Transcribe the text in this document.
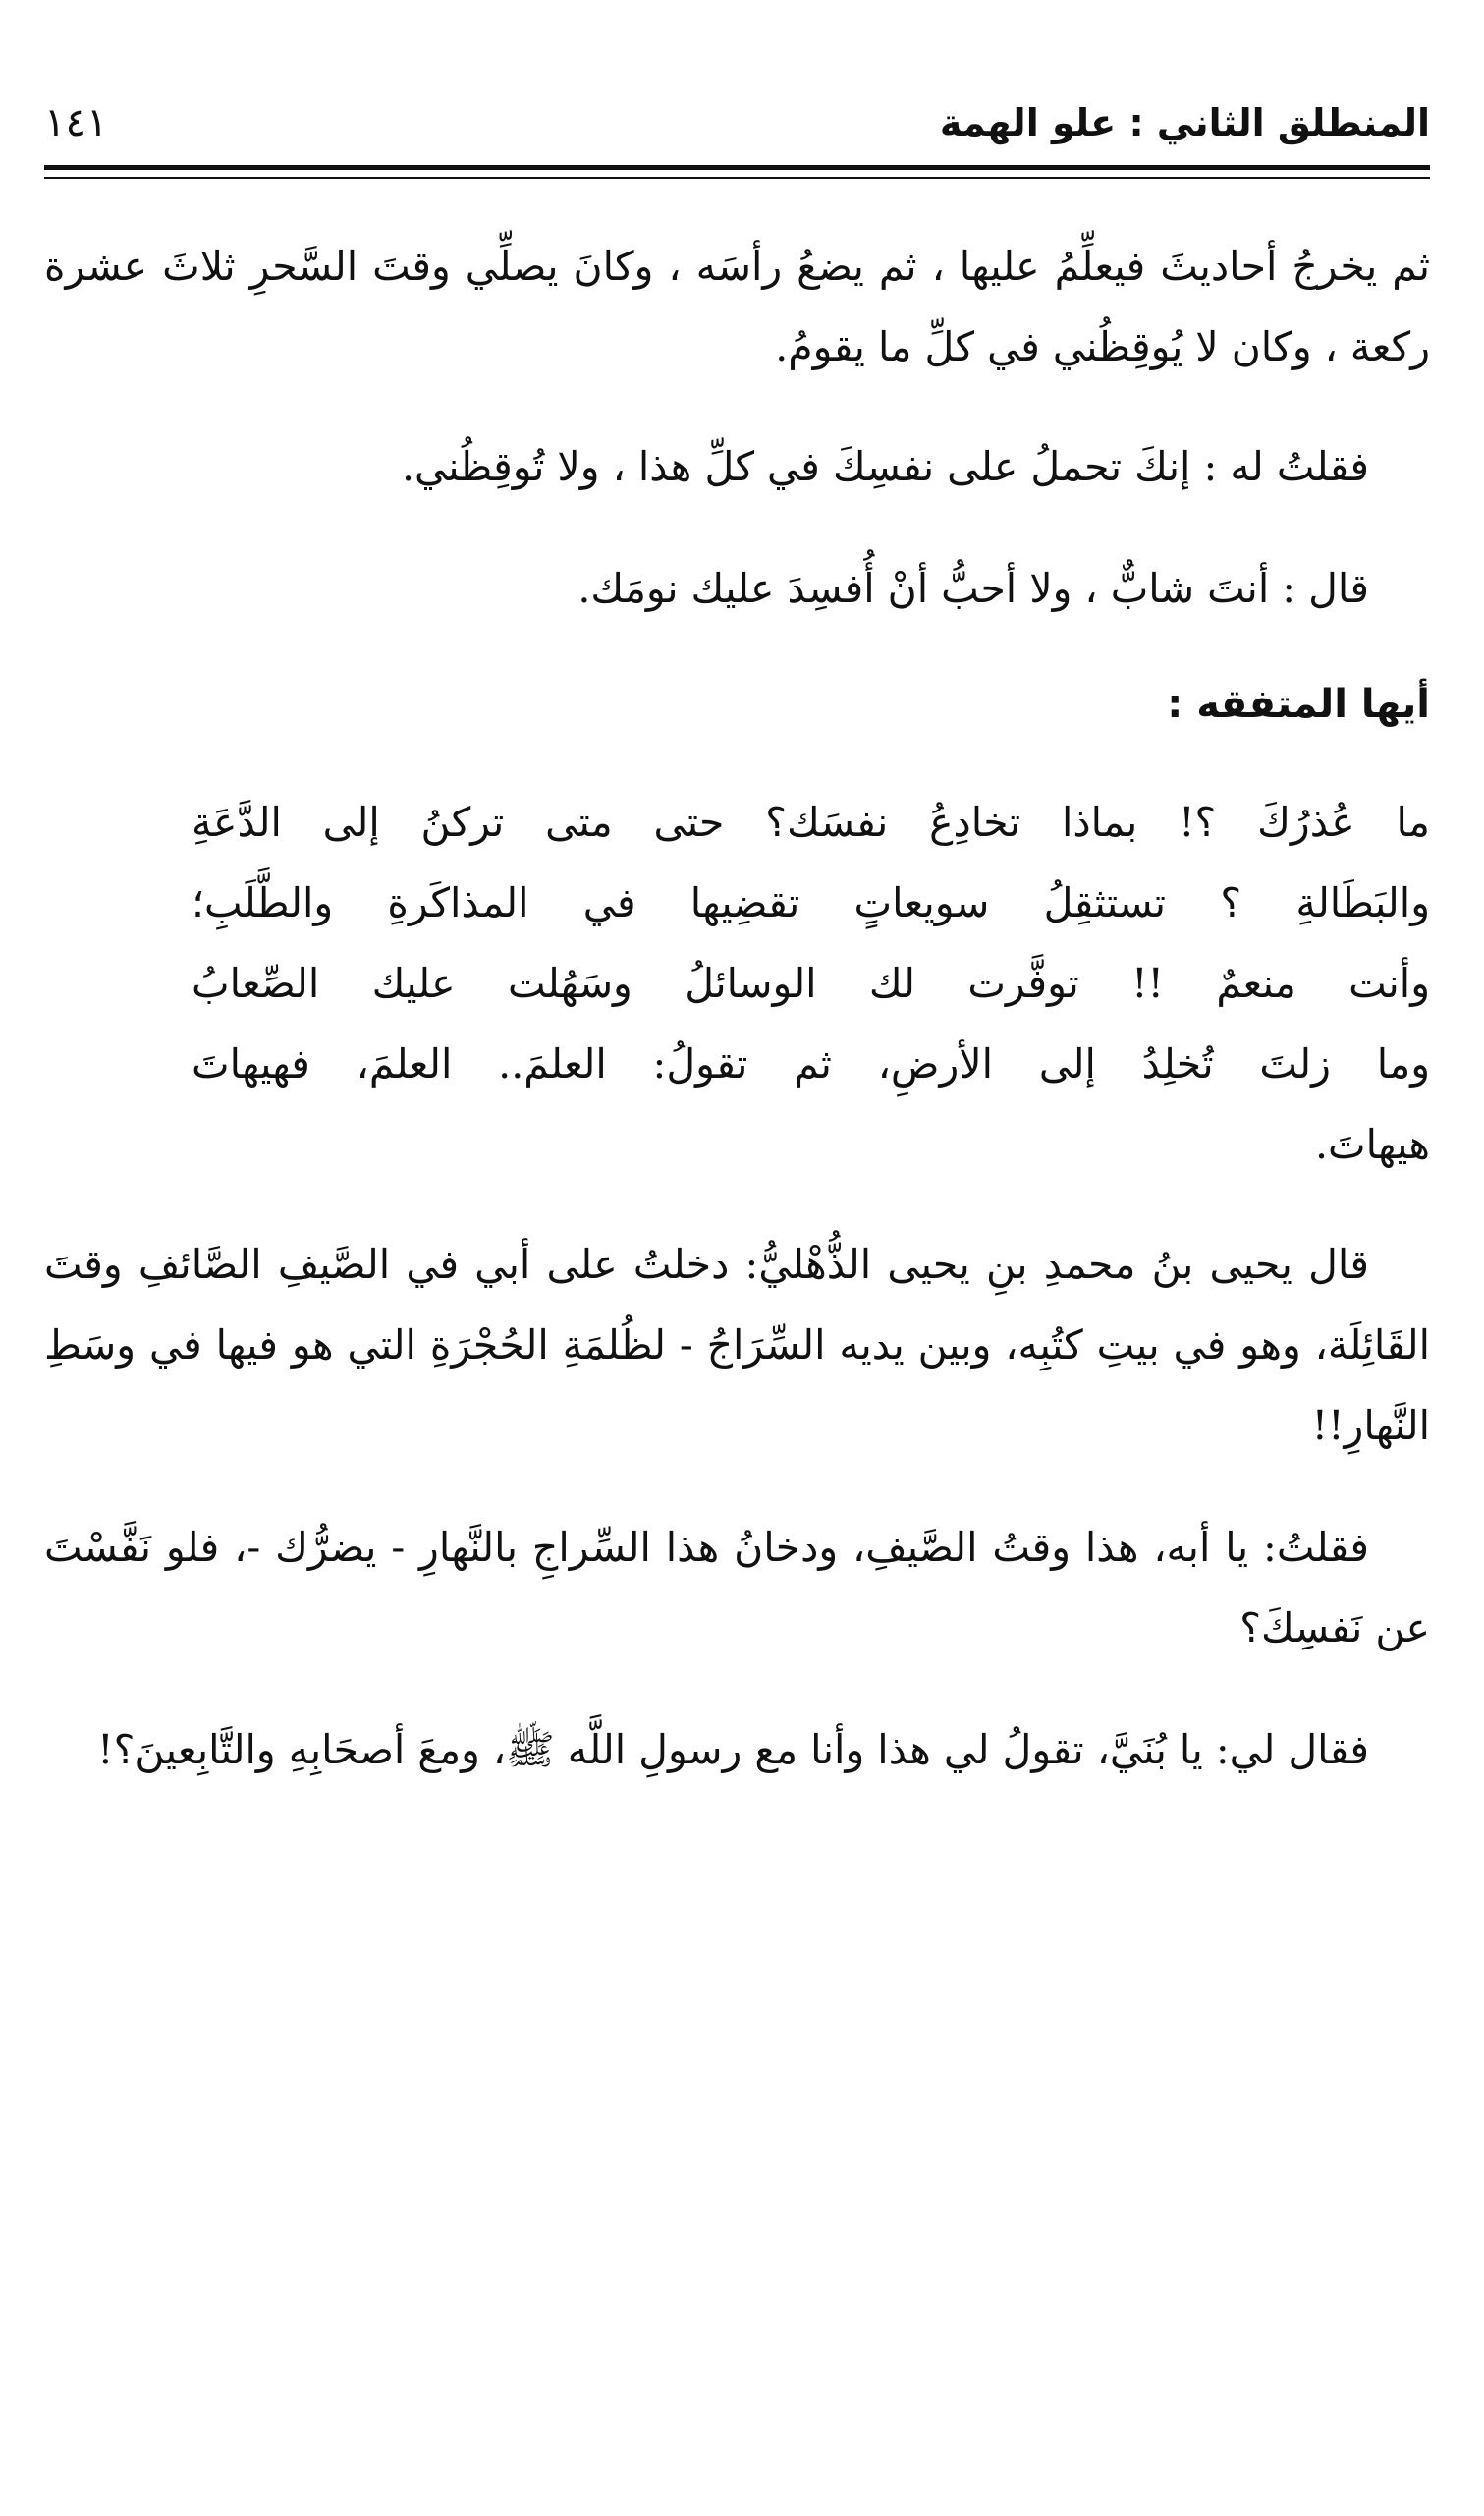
المنطلق الثاني : علو الهمة
١٤١

ثم يخرجُ أحاديثَ فيعلِّمُ عليها ، ثم يضعُ رأسَه ، وكانَ يصلِّي وقتَ السَّحرِ ثلاثَ عشرة ركعة ، وكان لا يُوقِظُني في كلِّ ما يقومُ.

فقلتُ له : إنكَ تحملُ على نفسِكَ في كلِّ هذا ، ولا تُوقِظُني.

قال : أنتَ شابٌّ ، ولا أحبُّ أنْ أُفسِدَ عليك نومَك.

أيها المتفقه :
ما عُذرُكَ ؟! بماذا تخادِعُ نفسَك؟ حتى متى تركنُ إلى الدَّعَةِ
والبَطَالةِ ؟ تستثقِلُ سويعاتٍ تقضِيها في المذاكَرةِ والطَّلَبِ؛
وأنت منعمٌ !! توفَّرت لك الوسائلُ وسَهُلت عليك الصِّعابُ
وما زلتَ تُخلِدُ إلى الأرضِ، ثم تقولُ: العلمَ.. العلمَ، فهيهاتَ
هيهاتَ.

قال يحيى بنُ محمدِ بنِ يحيى الذُّهْليُّ: دخلتُ على أبي في الصَّيفِ الصَّائفِ وقتَ القَائِلَة، وهو في بيتِ كتُبِه، وبين يديه السِّرَاجُ - لظُلمَةِ الحُجْرَةِ التي هو فيها في وسَطِ النَّهارِ!!

فقلتُ: يا أبه، هذا وقتُ الصَّيفِ، ودخانُ هذا السِّراجِ بالنَّهارِ - يضرُّك -، فلو نَفَّسْتَ عن نَفسِكَ؟

فقال لي: يا بُنَيَّ، تقولُ لي هذا وأنا مع رسولِ اللَّه ﷺ، ومعَ أصحَابِهِ والتَّابِعينَ؟!
